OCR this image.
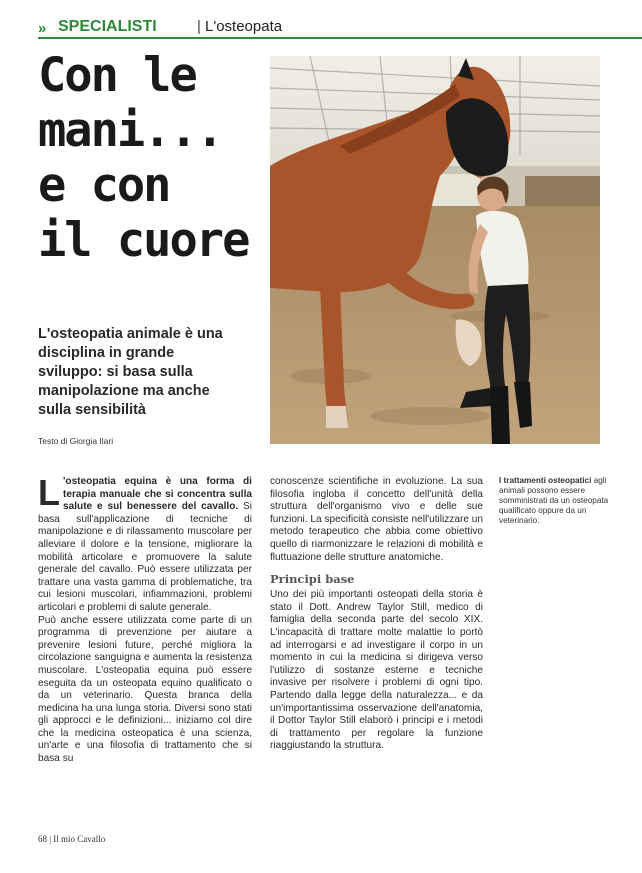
» SPECIALISTI	| L'osteopata
Con le
mani...
e con
il cuore
L'osteopatia animale è una disciplina in grande sviluppo: si basa sulla manipolazione ma anche sulla sensibilità
Testo di Giorgia Ilari

L 'osteopatia equina è una forma di terapia manuale che si concentra sulla salute e sul benessere del cavallo. Si basa sull'applicazione di tecniche di manipolazione e di rilassamento muscolare per alleviare il dolore e la tensione, migliorare la mobilità articolare e promuovere la salute generale del cavallo. Può essere utilizzata per trattare una vasta gamma di problematiche, tra cui lesioni muscolari, infiammazioni, problemi articolari e problemi di salute generale.

Può anche essere utilizzata come parte di un programma di prevenzione per aiutare a prevenire lesioni future, perché migliora la circolazione sanguigna e aumenta la resistenza muscolare. L'osteopatia equina può essere eseguita da un osteopata equino qualificato o da un veterinario. Questa branca della medicina ha una lunga storia. Diversi sono stati gli approcci e le definizioni... iniziamo col dire che la medicina osteopatica è una scienza, un'arte e una filosofia di trattamento che si basa su

conoscenze scientifiche in evoluzione. La sua filosofia ingloba il concetto dell'unità della struttura dell'organismo vivo e delle sue funzioni. La specificità consiste nell'utilizzare un metodo terapeutico che abbia come obiettivo quello di riarmonizzare le relazioni di mobilità e fluttuazione delle strutture anatomiche.

Principi base

Uno dei più importanti osteopati della storia è stato il Dott. Andrew Taylor Still, medico di famiglia della seconda parte del secolo XIX. L'incapacità di trattare molte malattie lo portò ad interrogarsi e ad investigare il corpo in un momento in cui la medicina si dirigeva verso l'utilizzo di sostanze esterne e tecniche invasive per risolvere i problemi di ogni tipo. Partendo dalla legge della naturalezza... e da un'importantissima osservazione dell'anatomia, il Dottor Taylor Still elaborò i principi e i metodi di trattamento per regolare la funzione riaggiustando la struttura.

I trattamenti osteopatici agli animali possono essere somministrati da un osteopata qualificato oppure da un veterinario.
68 | Il mio Cavallo
